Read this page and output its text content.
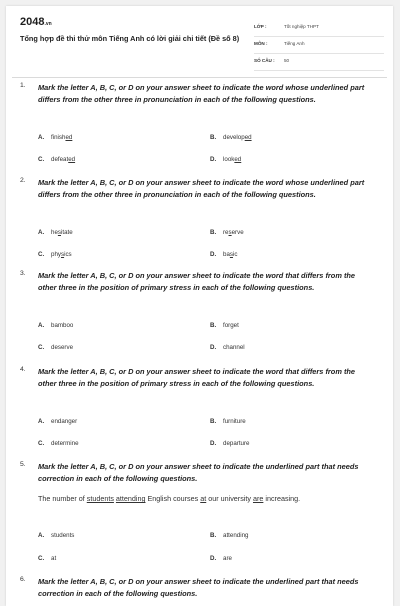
2048.vn
Tổng hợp đề thi thử môn Tiếng Anh có lời giải chi tiết (Đề số 8)
LỚP :	Tốt nghiệp THPT
MÔN :	Tiếng Anh
SỐ CÂU : 50
1. Mark the letter A, B, C, or D on your answer sheet to indicate the word whose underlined part differs from the other three in pronunciation in each of the following questions.
A. finished	B. developed
C. defeated	D. looked
2. Mark the letter A, B, C, or D on your answer sheet to indicate the word whose underlined part differs from the other three in pronunciation in each of the following questions.
A. hesitate	B. reserve
C. physics	D. basic
3. Mark the letter A, B, C, or D on your answer sheet to indicate the word that differs from the other three in the position of primary stress in each of the following questions.
A. bamboo	B. forget
C. deserve	D. channel
4. Mark the letter A, B, C, or D on your answer sheet to indicate the word that differs from the other three in the position of primary stress in each of the following questions.
A. endanger	B. furniture
C. determine	D. departure
5. Mark the letter A, B, C, or D on your answer sheet to indicate the underlined part that needs correction in each of the following questions.
The number of students attending English courses at our university are increasing.
A. students	B. attending
C. at	D. are
6. Mark the letter A, B, C, or D on your answer sheet to indicate the underlined part that needs correction in each of the following questions.
